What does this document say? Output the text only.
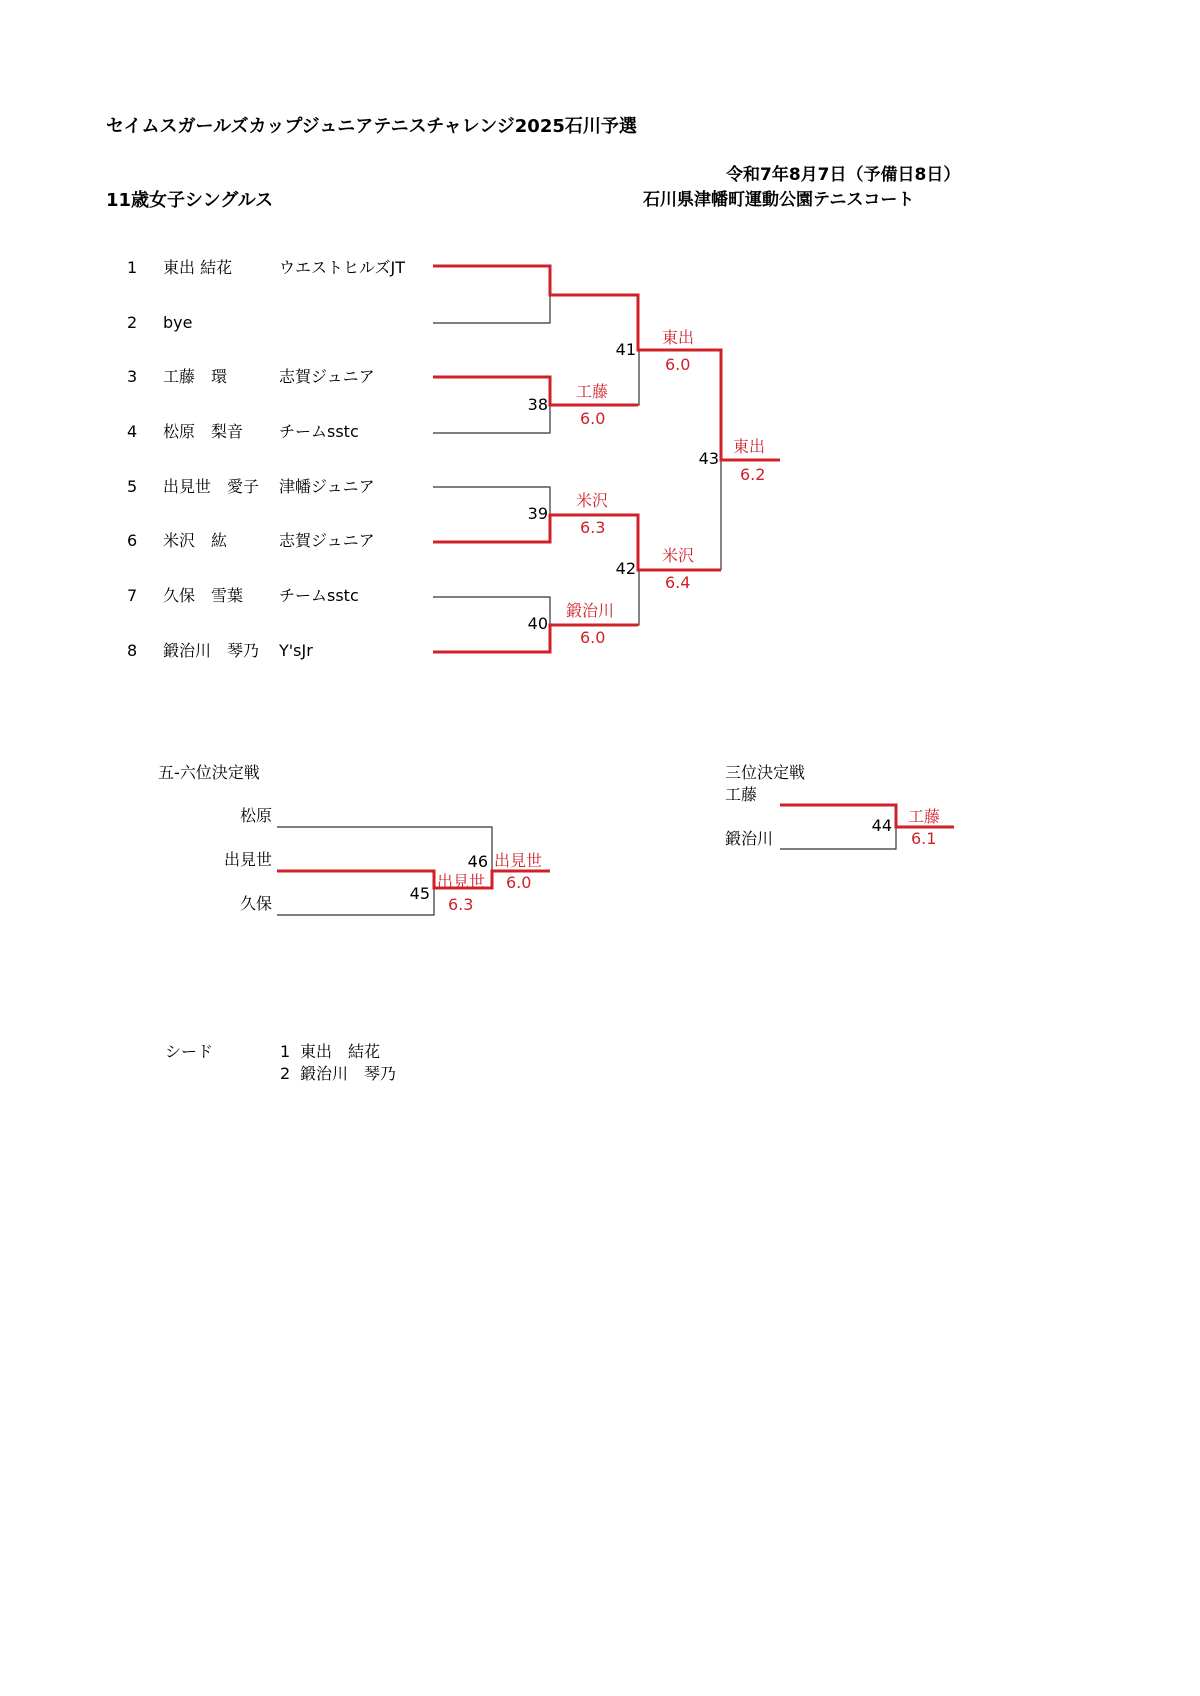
セイムスガールズカップジュニアテニスチャレンジ2025石川予選
令和7年8月7日（予備日8日）
11歳女子シングルス	石川県津幡町運動公園テニスコート
1 東出 結花	ウエストヒルズJT
2 bye
3 工藤　環	志賀ジュニア
4 松原　梨音 チームsstc
5 出見世　愛子 津幡ジュニア
6 米沢　紘	志賀ジュニア
7 久保　雪葉 チームsstc
8 鍛治川　琴乃 Y'sJr
41
東出
6.0
38
工藤
6.0
39
米沢
6.3
40
鍛治川
6.0
42
米沢
6.4
43
東出
6.2
五-六位決定戦
松原
出見世
久保
45
出見世
6.3
46 出見世
6.0
三位決定戦
工藤
鍛治川
44 工藤
6.1
シード	1 東出　結花
2 鍛治川　琴乃
